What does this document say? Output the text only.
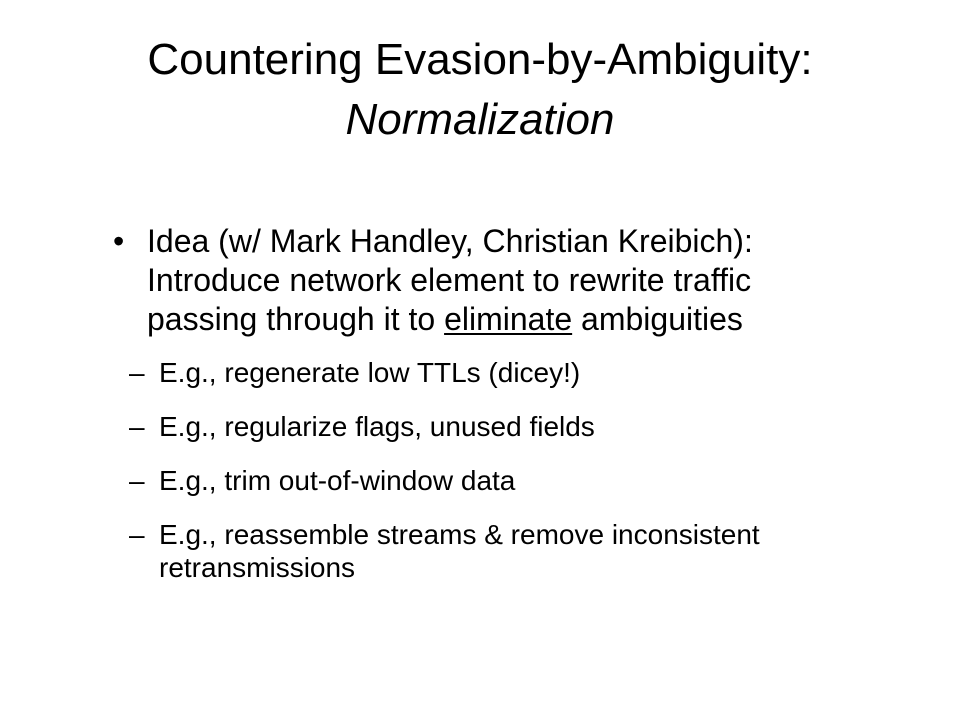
Countering Evasion-by-Ambiguity:
Normalization
• Idea (w/ Mark Handley, Christian Kreibich): Introduce network element to rewrite traffic passing through it to eliminate ambiguities
– E.g., regenerate low TTLs (dicey!)
– E.g., regularize flags, unused fields
– E.g., trim out-of-window data
– E.g., reassemble streams & remove inconsistent retransmissions
